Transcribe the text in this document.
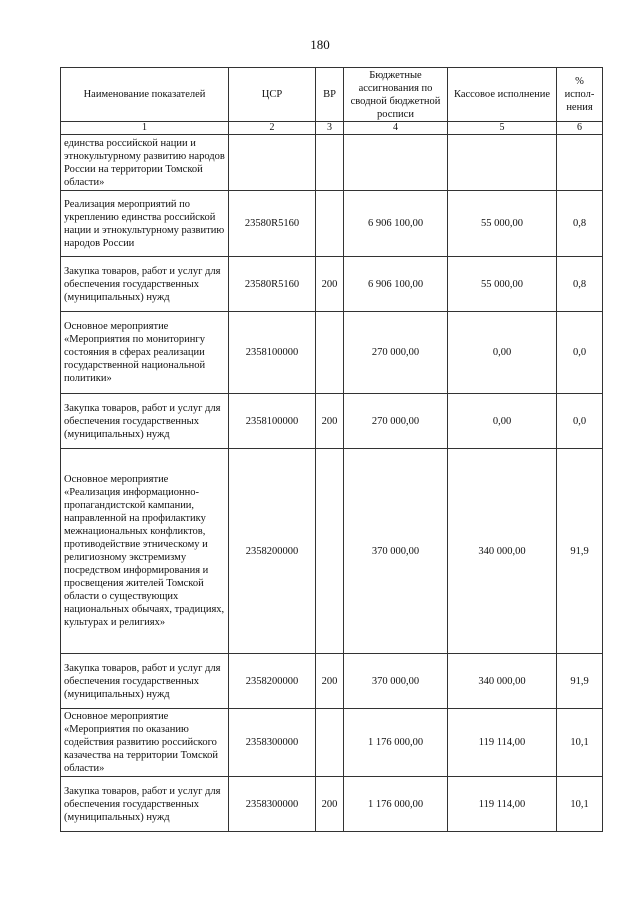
180
Наименование показателей	ЦСР	ВР	Бюджетные ассигнования по сводной бюджетной росписи	Кассовое исполнение	% испол-нения
1	2	3	4	5	6
единства российской нации и этнокультурному развитию народов России на территории Томской области»					
Реализация мероприятий по укреплению единства российской нации и этнокультурному развитию народов России	23580R5160		6 906 100,00	55 000,00	0,8
Закупка товаров, работ и услуг для обеспечения государственных (муниципальных) нужд	23580R5160	200	6 906 100,00	55 000,00	0,8
Основное мероприятие «Мероприятия по мониторингу состояния в сферах реализации государственной национальной политики»	2358100000		270 000,00	0,00	0,0
Закупка товаров, работ и услуг для обеспечения государственных (муниципальных) нужд	2358100000	200	270 000,00	0,00	0,0
Основное мероприятие «Реализация информационно-пропагандистской кампании, направленной на профилактику межнациональных конфликтов, противодействие этническому и религиозному экстремизму посредством информирования и просвещения жителей Томской области о существующих национальных обычаях, традициях, культурах и религиях»	2358200000		370 000,00	340 000,00	91,9
Закупка товаров, работ и услуг для обеспечения государственных (муниципальных) нужд	2358200000	200	370 000,00	340 000,00	91,9
Основное мероприятие «Мероприятия по оказанию содействия развитию российского казачества на территории Томской области»	2358300000		1 176 000,00	119 114,00	10,1
Закупка товаров, работ и услуг для обеспечения государственных (муниципальных) нужд	2358300000	200	1 176 000,00	119 114,00	10,1
